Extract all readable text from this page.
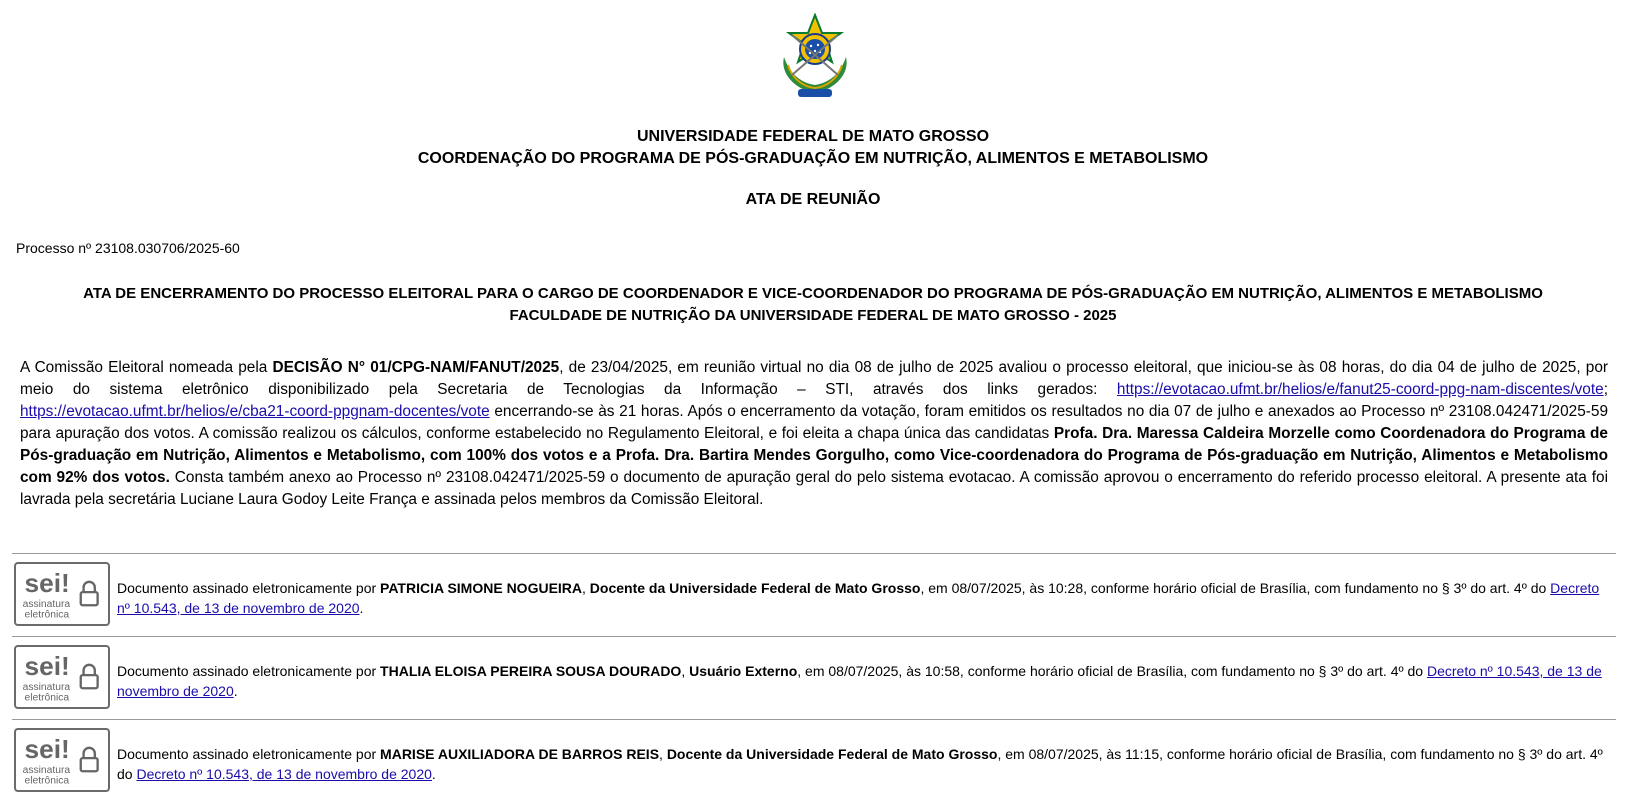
UNIVERSIDADE FEDERAL DE MATO GROSSO
COORDENAÇÃO DO PROGRAMA DE PÓS-GRADUAÇÃO EM NUTRIÇÃO, ALIMENTOS E METABOLISMO
ATA DE REUNIÃO
Processo nº 23108.030706/2025-60
ATA DE ENCERRAMENTO DO PROCESSO ELEITORAL PARA O CARGO DE COORDENADOR E VICE-COORDENADOR DO PROGRAMA DE PÓS-GRADUAÇÃO EM NUTRIÇÃO, ALIMENTOS E METABOLISMO FACULDADE DE NUTRIÇÃO DA UNIVERSIDADE FEDERAL DE MATO GROSSO - 2025
A Comissão Eleitoral nomeada pela DECISÃO N° 01/CPG-NAM/FANUT/2025, de 23/04/2025, em reunião virtual no dia 08 de julho de 2025 avaliou o processo eleitoral, que iniciou-se às 08 horas, do dia 04 de julho de 2025, por meio do sistema eletrônico disponibilizado pela Secretaria de Tecnologias da Informação – STI, através dos links gerados: https://evotacao.ufmt.br/helios/e/fanut25-coord-ppg-nam-discentes/vote; https://evotacao.ufmt.br/helios/e/cba21-coord-ppgnam-docentes/vote encerrando-se às 21 horas. Após o encerramento da votação, foram emitidos os resultados no dia 07 de julho e anexados ao Processo nº 23108.042471/2025-59 para apuração dos votos. A comissão realizou os cálculos, conforme estabelecido no Regulamento Eleitoral, e foi eleita a chapa única das candidatas Profa. Dra. Maressa Caldeira Morzelle como Coordenadora do Programa de Pós-graduação em Nutrição, Alimentos e Metabolismo, com 100% dos votos e a Profa. Dra. Bartira Mendes Gorgulho, como Vice-coordenadora do Programa de Pós-graduação em Nutrição, Alimentos e Metabolismo com 92% dos votos. Consta também anexo ao Processo nº 23108.042471/2025-59 o documento de apuração geral do pelo sistema evotacao. A comissão aprovou o encerramento do referido processo eleitoral. A presente ata foi lavrada pela secretária Luciane Laura Godoy Leite França e assinada pelos membros da Comissão Eleitoral.
sei!
assinatura
eletrônica
Documento assinado eletronicamente por PATRICIA SIMONE NOGUEIRA, Docente da Universidade Federal de Mato Grosso, em 08/07/2025, às 10:28, conforme horário oficial de Brasília, com fundamento no § 3º do art. 4º do Decreto nº 10.543, de 13 de novembro de 2020.
sei!
assinatura
eletrônica
Documento assinado eletronicamente por THALIA ELOISA PEREIRA SOUSA DOURADO, Usuário Externo, em 08/07/2025, às 10:58, conforme horário oficial de Brasília, com fundamento no § 3º do art. 4º do Decreto nº 10.543, de 13 de novembro de 2020.
sei!
assinatura
eletrônica
Documento assinado eletronicamente por MARISE AUXILIADORA DE BARROS REIS, Docente da Universidade Federal de Mato Grosso, em 08/07/2025, às 11:15, conforme horário oficial de Brasília, com fundamento no § 3º do art. 4º do Decreto nº 10.543, de 13 de novembro de 2020.
